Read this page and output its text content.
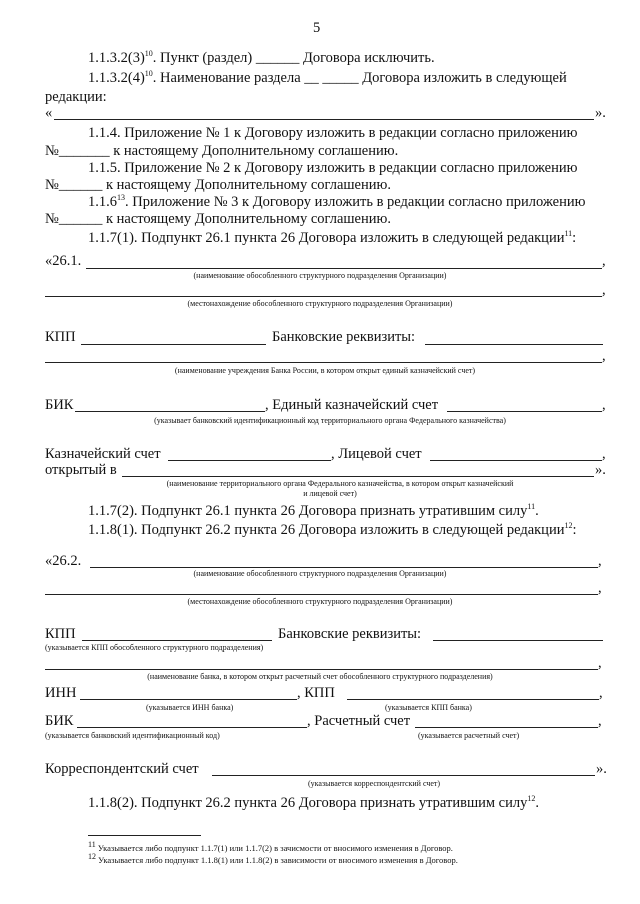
5
$1.1.3.2(3)^{10}$. Пункт (раздел) ______ Договора исключить.
$1.1.3.2(4)^{10}$. Наименование раздела __ _____ Договора изложить в следующей
редакции:
«	».
1.1.4. Приложение № 1 к Договору изложить в редакции согласно приложению
№_______ к настоящему Дополнительному соглашению.
1.1.5. Приложение № 2 к Договору изложить в редакции согласно приложению
№______ к настоящему Дополнительному соглашению.
1.1.6$^{13}$. Приложение № 3 к Договору изложить в редакции согласно приложению
№______ к настоящему Дополнительному соглашению.
1.1.7(1). Подпункт 26.1 пункта 26 Договора изложить в следующей редакции$^{11}$:
«26.1.	,
(наименование обособленного структурного подразделения Организации)
,
(местонахождение обособленного структурного подразделения Организации)
КПП	Банковские реквизиты:
,
(наименование учреждения Банка России, в котором открыт единый казначейский счет)
БИК	, Единый казначейский счет	,
(указывает банковский идентификационный код территориального органа Федерального казначейства)
Казначейский счет	, Лицевой счет	,
открытый в	».
(наименование территориального органа Федерального казначейства, в котором открыт казначейский
и лицевой счет)
1.1.7(2). Подпункт 26.1 пункта 26 Договора признать утратившим силу$^{11}$.
1.1.8(1). Подпункт 26.2 пункта 26 Договора изложить в следующей редакции$^{12}$:
«26.2.	,
(наименование обособленного структурного подразделения Организации)
,
(местонахождение обособленного структурного подразделения Организации)
КПП	Банковские реквизиты:
(указывается КПП обособленного структурного подразделения)
,
(наименование банка, в котором открыт расчетный счет обособленного структурного подразделения)
ИНН	, КПП	,
(указывается ИНН банка)	(указывается КПП банка)
БИК	, Расчетный счет	,
(указывается банковский идентификационный код)	(указывается расчетный счет)
Корреспондентский счет	».
(указывается корреспондентский счет)
1.1.8(2). Подпункт 26.2 пункта 26 Договора признать утратившим силу$^{12}$.
$^{11}$ Указывается либо подпункт 1.1.7(1) или 1.1.7(2) в зачисмости от вносимого изменения в Договор.
$^{12}$ Указывается либо подпункт 1.1.8(1) или 1.1.8(2) в зависимости от вносимого изменения в Договор.
